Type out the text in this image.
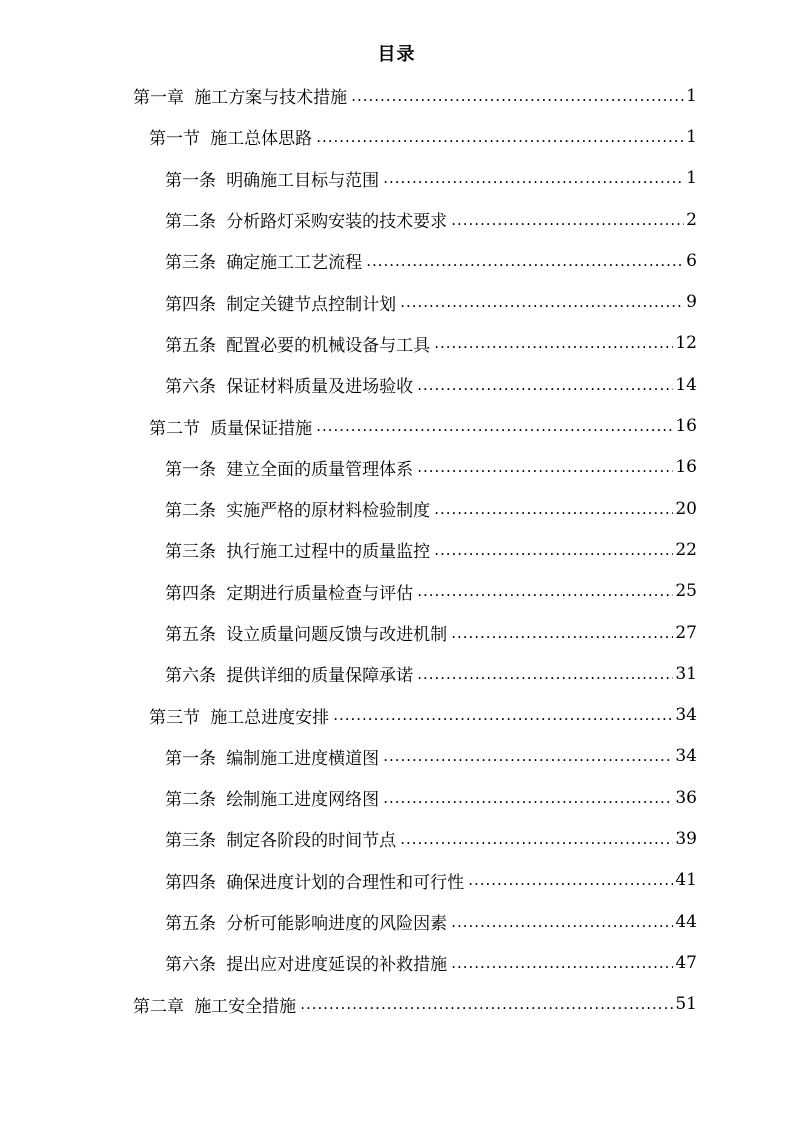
目录
第一章 施工方案与技术措施 .....	1
第一节 施工总体思路 .....	1
第一条 明确施工目标与范围 .....	1
第二条 分析路灯采购安装的技术要求 .....	2
第三条 确定施工工艺流程 .....	6
第四条 制定关键节点控制计划 .....	9
第五条 配置必要的机械设备与工具 .....	12
第六条 保证材料质量及进场验收 .....	14
第二节 质量保证措施 .....	16
第一条 建立全面的质量管理体系 .....	16
第二条 实施严格的原材料检验制度 .....	20
第三条 执行施工过程中的质量监控 .....	22
第四条 定期进行质量检查与评估 .....	25
第五条 设立质量问题反馈与改进机制 .....	27
第六条 提供详细的质量保障承诺 .....	31
第三节 施工总进度安排 .....	34
第一条 编制施工进度横道图 .....	34
第二条 绘制施工进度网络图 .....	36
第三条 制定各阶段的时间节点 .....	39
第四条 确保进度计划的合理性和可行性 .....	41
第五条 分析可能影响进度的风险因素 .....	44
第六条 提出应对进度延误的补救措施 .....	47
第二章 施工安全措施 .....	51
